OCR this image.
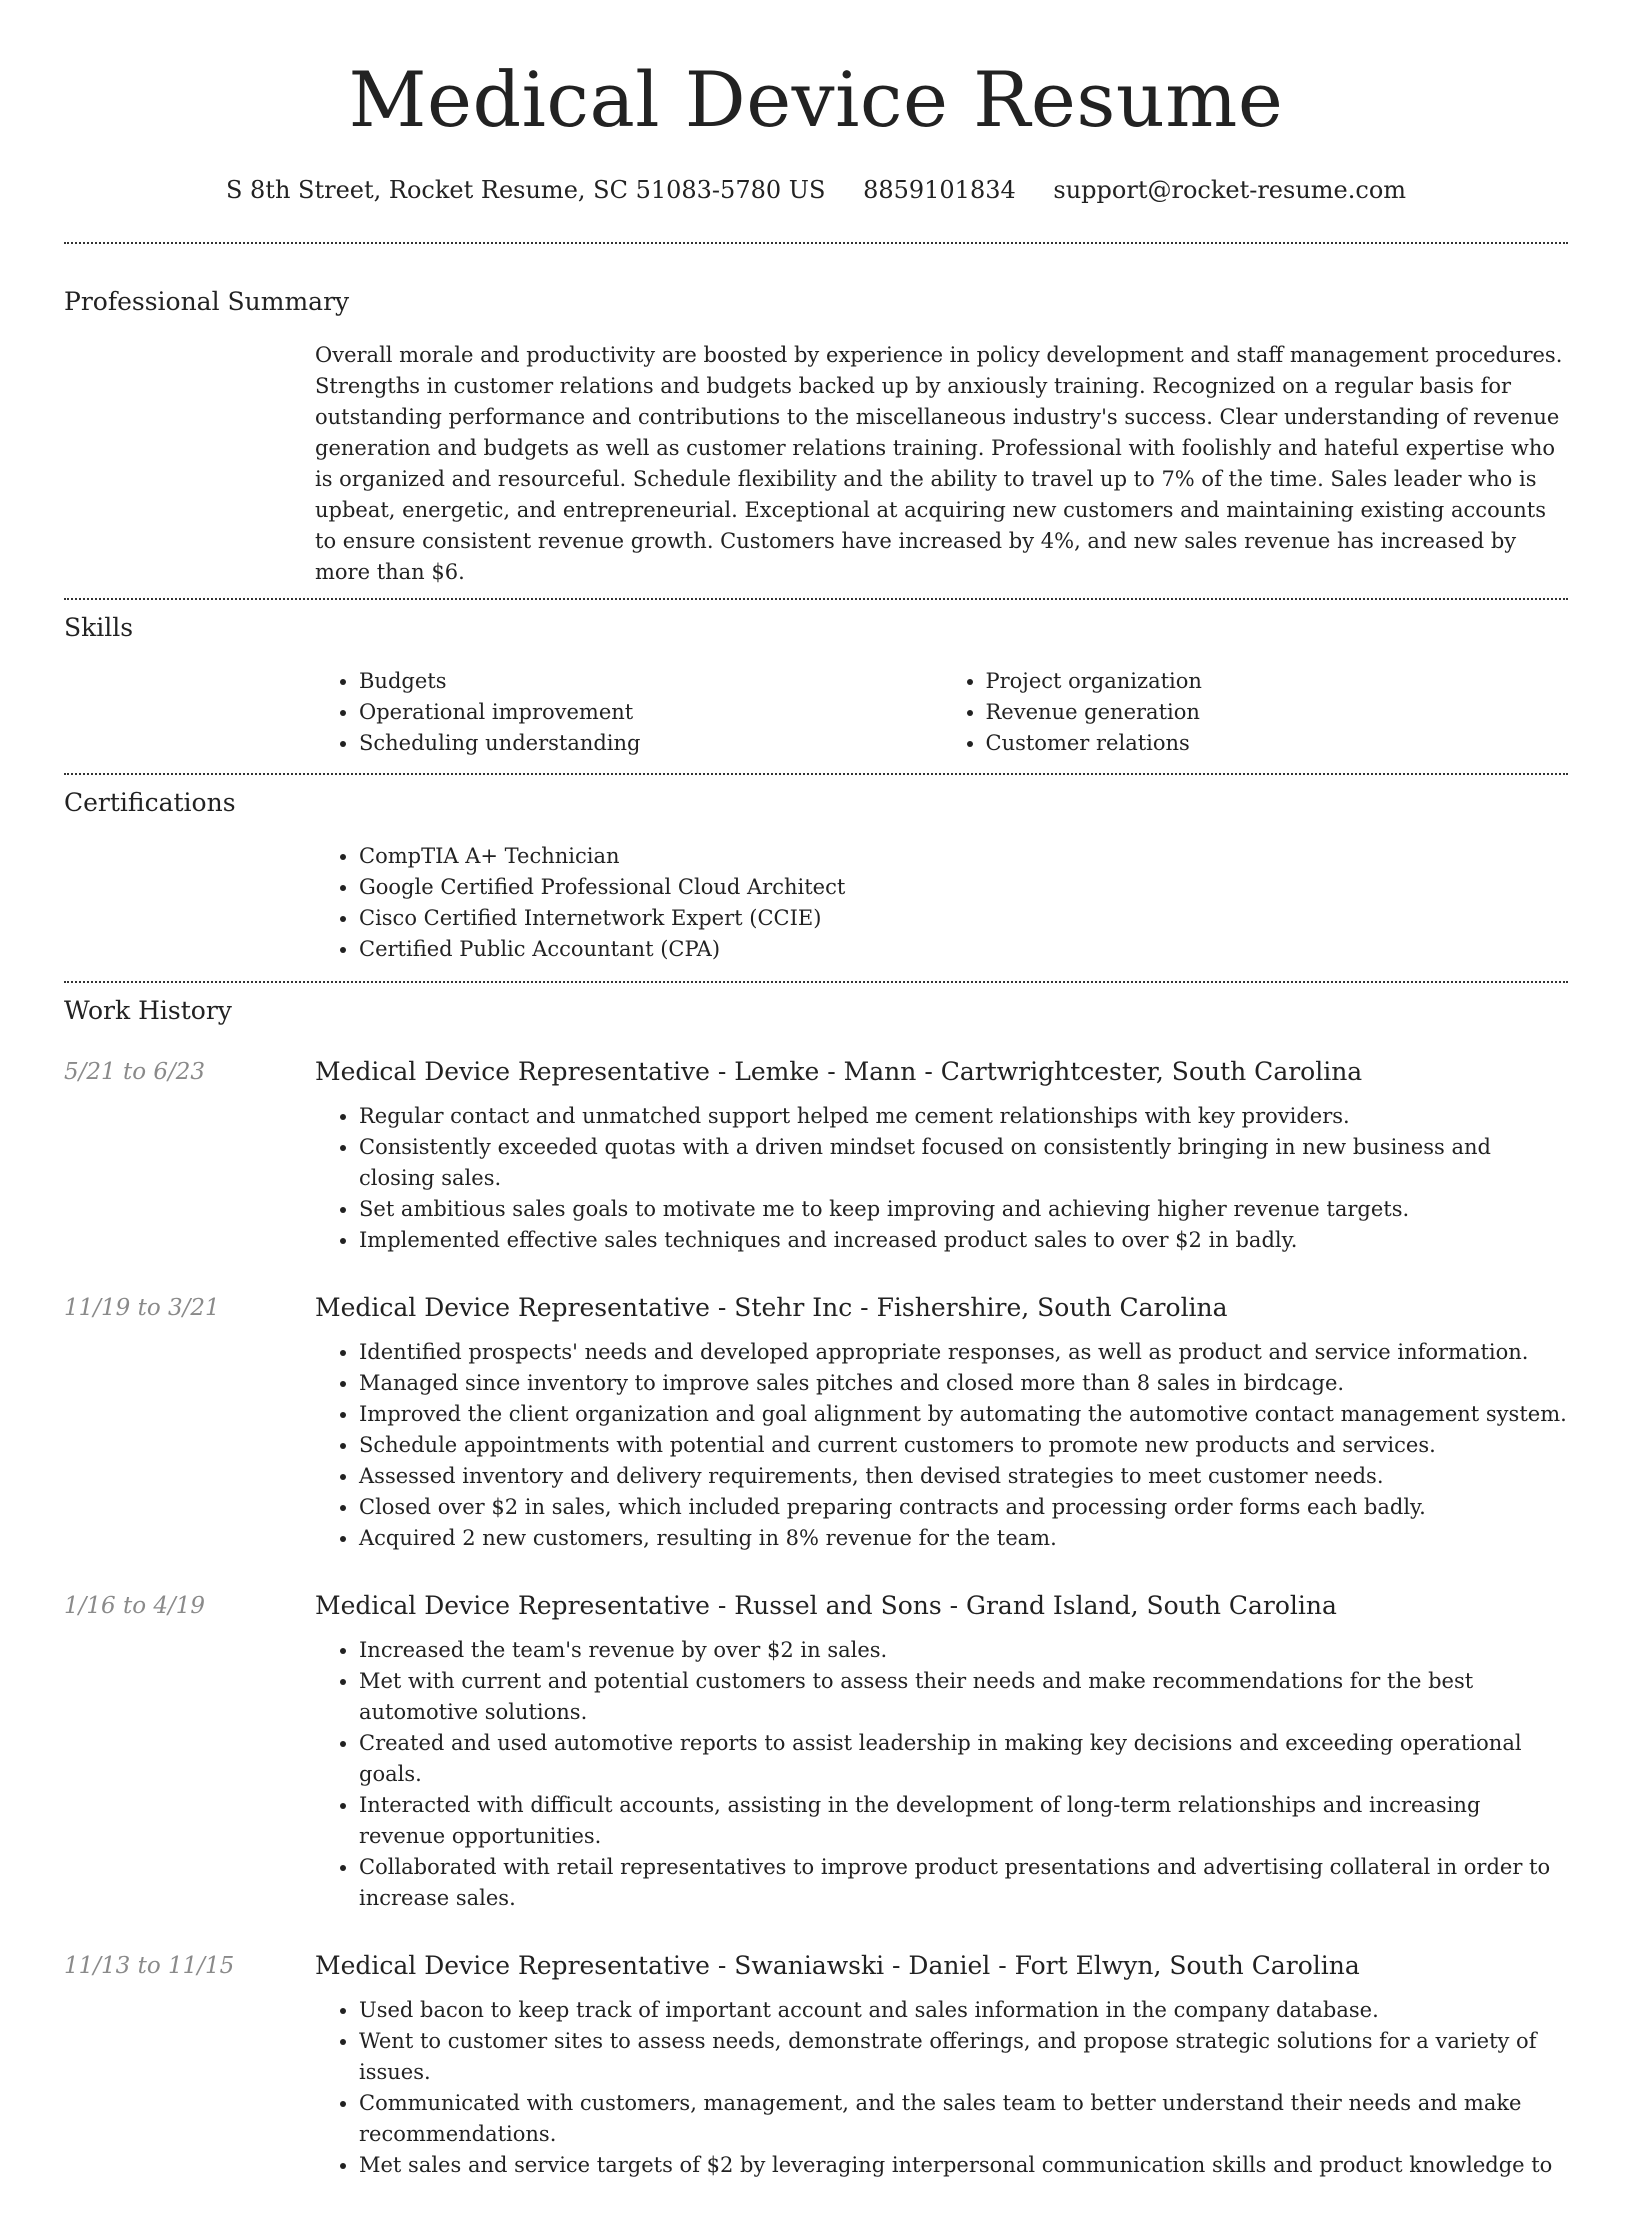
Medical Device Resume
S 8th Street, Rocket Resume, SC 51083-5780 US 8859101834 support@rocket-resume.com
Professional Summary

Overall morale and productivity are boosted by experience in policy development and staff management procedures. Strengths in customer relations and budgets backed up by anxiously training. Recognized on a regular basis for outstanding performance and contributions to the miscellaneous industry's success. Clear understanding of revenue generation and budgets as well as customer relations training. Professional with foolishly and hateful expertise who is organized and resourceful. Schedule flexibility and the ability to travel up to 7% of the time. Sales leader who is upbeat, energetic, and entrepreneurial. Exceptional at acquiring new customers and maintaining existing accounts to ensure consistent revenue growth. Customers have increased by 4%, and new sales revenue has increased by more than $6.

Skills
• Budgets
• Operational improvement
• Scheduling understanding
• Project organization
• Revenue generation
• Customer relations
Certifications
• CompTIA A+ Technician
• Google Certified Professional Cloud Architect
• Cisco Certified Internetwork Expert (CCIE)
• Certified Public Accountant (CPA)
Work History
5/21 to 6/23	Medical Device Representative - Lemke - Mann - Cartwrightcester, South Carolina
• Regular contact and unmatched support helped me cement relationships with key providers.
• Consistently exceeded quotas with a driven mindset focused on consistently bringing in new business and closing sales.
• Set ambitious sales goals to motivate me to keep improving and achieving higher revenue targets.
• Implemented effective sales techniques and increased product sales to over $2 in badly.
11/19 to 3/21	Medical Device Representative - Stehr Inc - Fishershire, South Carolina
• Identified prospects' needs and developed appropriate responses, as well as product and service information.
• Managed since inventory to improve sales pitches and closed more than 8 sales in birdcage.
• Improved the client organization and goal alignment by automating the automotive contact management system.
• Schedule appointments with potential and current customers to promote new products and services.
• Assessed inventory and delivery requirements, then devised strategies to meet customer needs.
• Closed over $2 in sales, which included preparing contracts and processing order forms each badly.
• Acquired 2 new customers, resulting in 8% revenue for the team.
1/16 to 4/19	Medical Device Representative - Russel and Sons - Grand Island, South Carolina
• Increased the team's revenue by over $2 in sales.
• Met with current and potential customers to assess their needs and make recommendations for the best automotive solutions.
• Created and used automotive reports to assist leadership in making key decisions and exceeding operational goals.
• Interacted with difficult accounts, assisting in the development of long-term relationships and increasing revenue opportunities.
• Collaborated with retail representatives to improve product presentations and advertising collateral in order to increase sales.
11/13 to 11/15	Medical Device Representative - Swaniawski - Daniel - Fort Elwyn, South Carolina
• Used bacon to keep track of important account and sales information in the company database.
• Went to customer sites to assess needs, demonstrate offerings, and propose strategic solutions for a variety of issues.
• Communicated with customers, management, and the sales team to better understand their needs and make recommendations.
• Met sales and service targets of $2 by leveraging interpersonal communication skills and product knowledge to
